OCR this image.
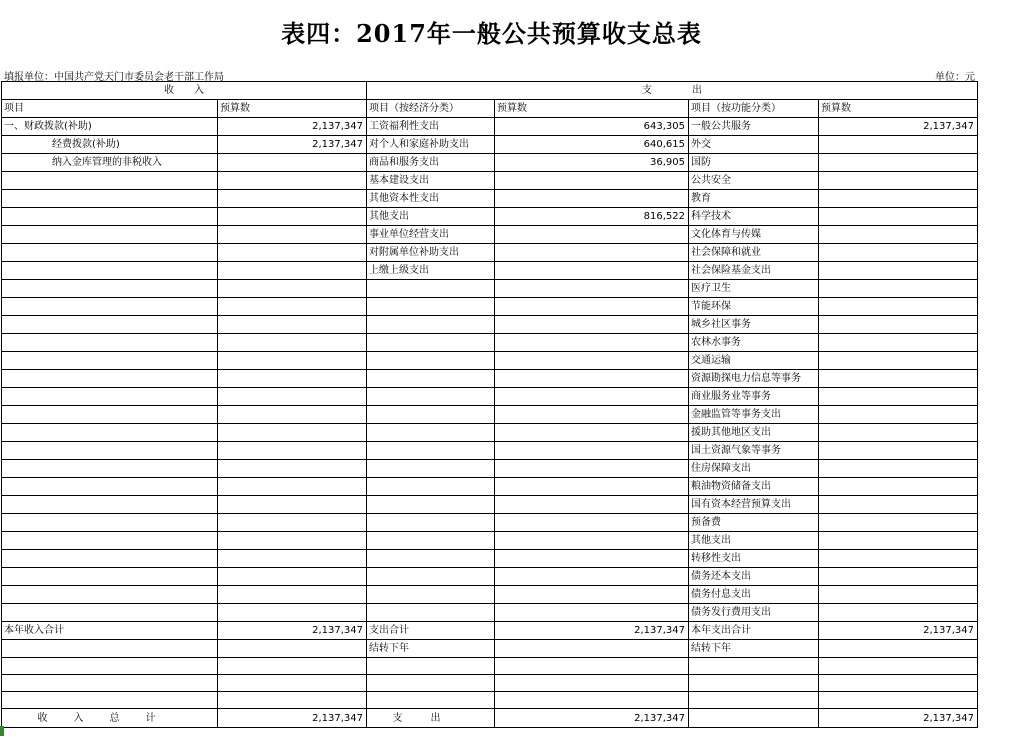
表四：2017年一般公共预算收支总表
填报单位：中国共产党天门市委员会老干部工作局	单位：元
收　　入		支　　　　出			
项目	预算数	项目（按经济分类）	预算数	项目（按功能分类）	预算数
一、财政拨款(补助)	2,137,347	工资福利性支出	643,305	一般公共服务	2,137,347
经费拨款(补助)	2,137,347	对个人和家庭补助支出	640,615	外交	
纳入金库管理的非税收入		商品和服务支出	36,905	国防	
		基本建设支出		公共安全	
		其他资本性支出		教育	
		其他支出	816,522	科学技术	
		事业单位经营支出		文化体育与传媒	
		对附属单位补助支出		社会保障和就业	
		上缴上级支出		社会保险基金支出	
				医疗卫生	
				节能环保	
				城乡社区事务	
				农林水事务	
				交通运输	
				资源勘探电力信息等事务	
				商业服务业等事务	
				金融监管等事务支出	
				援助其他地区支出	
				国土资源气象等事务	
				住房保障支出	
				粮油物资储备支出	
				国有资本经营预算支出	
				预备费	
				其他支出	
				转移性支出	
				债务还本支出	
				债务付息支出	
				债务发行费用支出	
本年收入合计	2,137,347	支出合计	2,137,347	本年支出合计	2,137,347
		结转下年		结转下年	

收入总计	2,137,347	支出	2,137,347		2,137,347
